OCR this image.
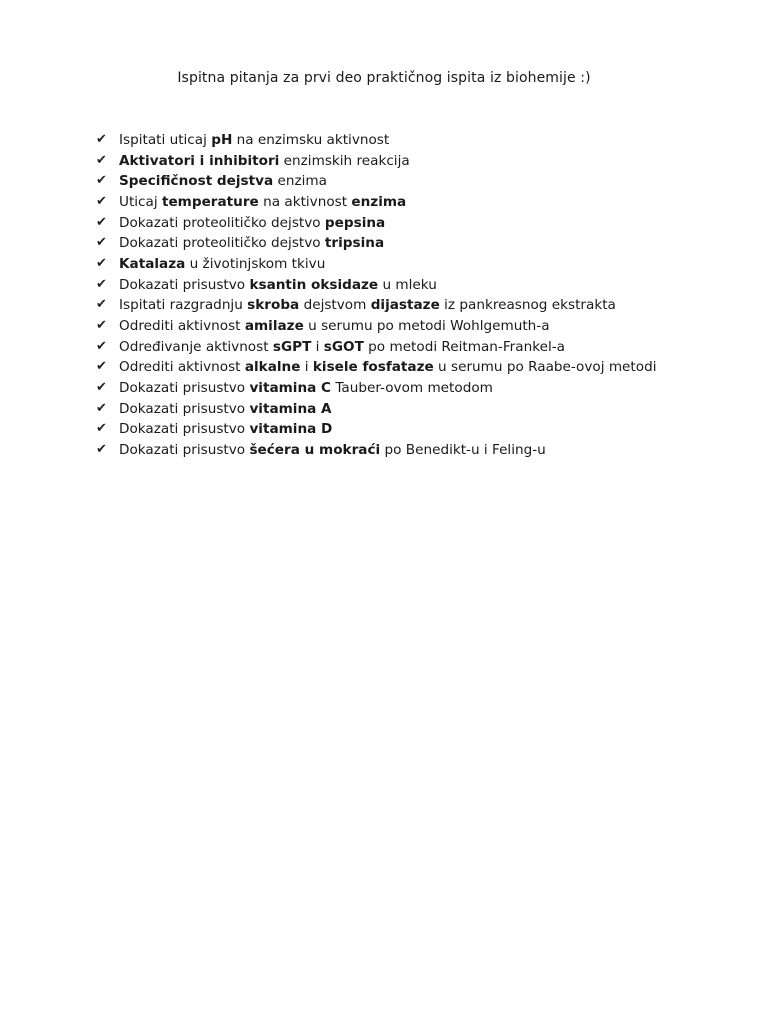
Ispitna pitanja za prvi deo praktičnog ispita iz biohemije :)
✔ Ispitati uticaj pH na enzimsku aktivnost
✔ Aktivatori i inhibitori enzimskih reakcija
✔ Specifičnost dejstva enzima
✔ Uticaj temperature na aktivnost enzima
✔ Dokazati proteolitičko dejstvo pepsina
✔ Dokazati proteolitičko dejstvo tripsina
✔ Katalaza u životinjskom tkivu
✔ Dokazati prisustvo ksantin oksidaze u mleku
✔ Ispitati razgradnju skroba dejstvom dijastaze iz pankreasnog ekstrakta
✔ Odrediti aktivnost amilaze u serumu po metodi Wohlgemuth-a
✔ Određivanje aktivnost sGPT i sGOT po metodi Reitman-Frankel-a
✔ Odrediti aktivnost alkalne i kisele fosfataze u serumu po Raabe-ovoj metodi
✔ Dokazati prisustvo vitamina C Tauber-ovom metodom
✔ Dokazati prisustvo vitamina A
✔ Dokazati prisustvo vitamina D
✔ Dokazati prisustvo šećera u mokraći po Benedikt-u i Feling-u
